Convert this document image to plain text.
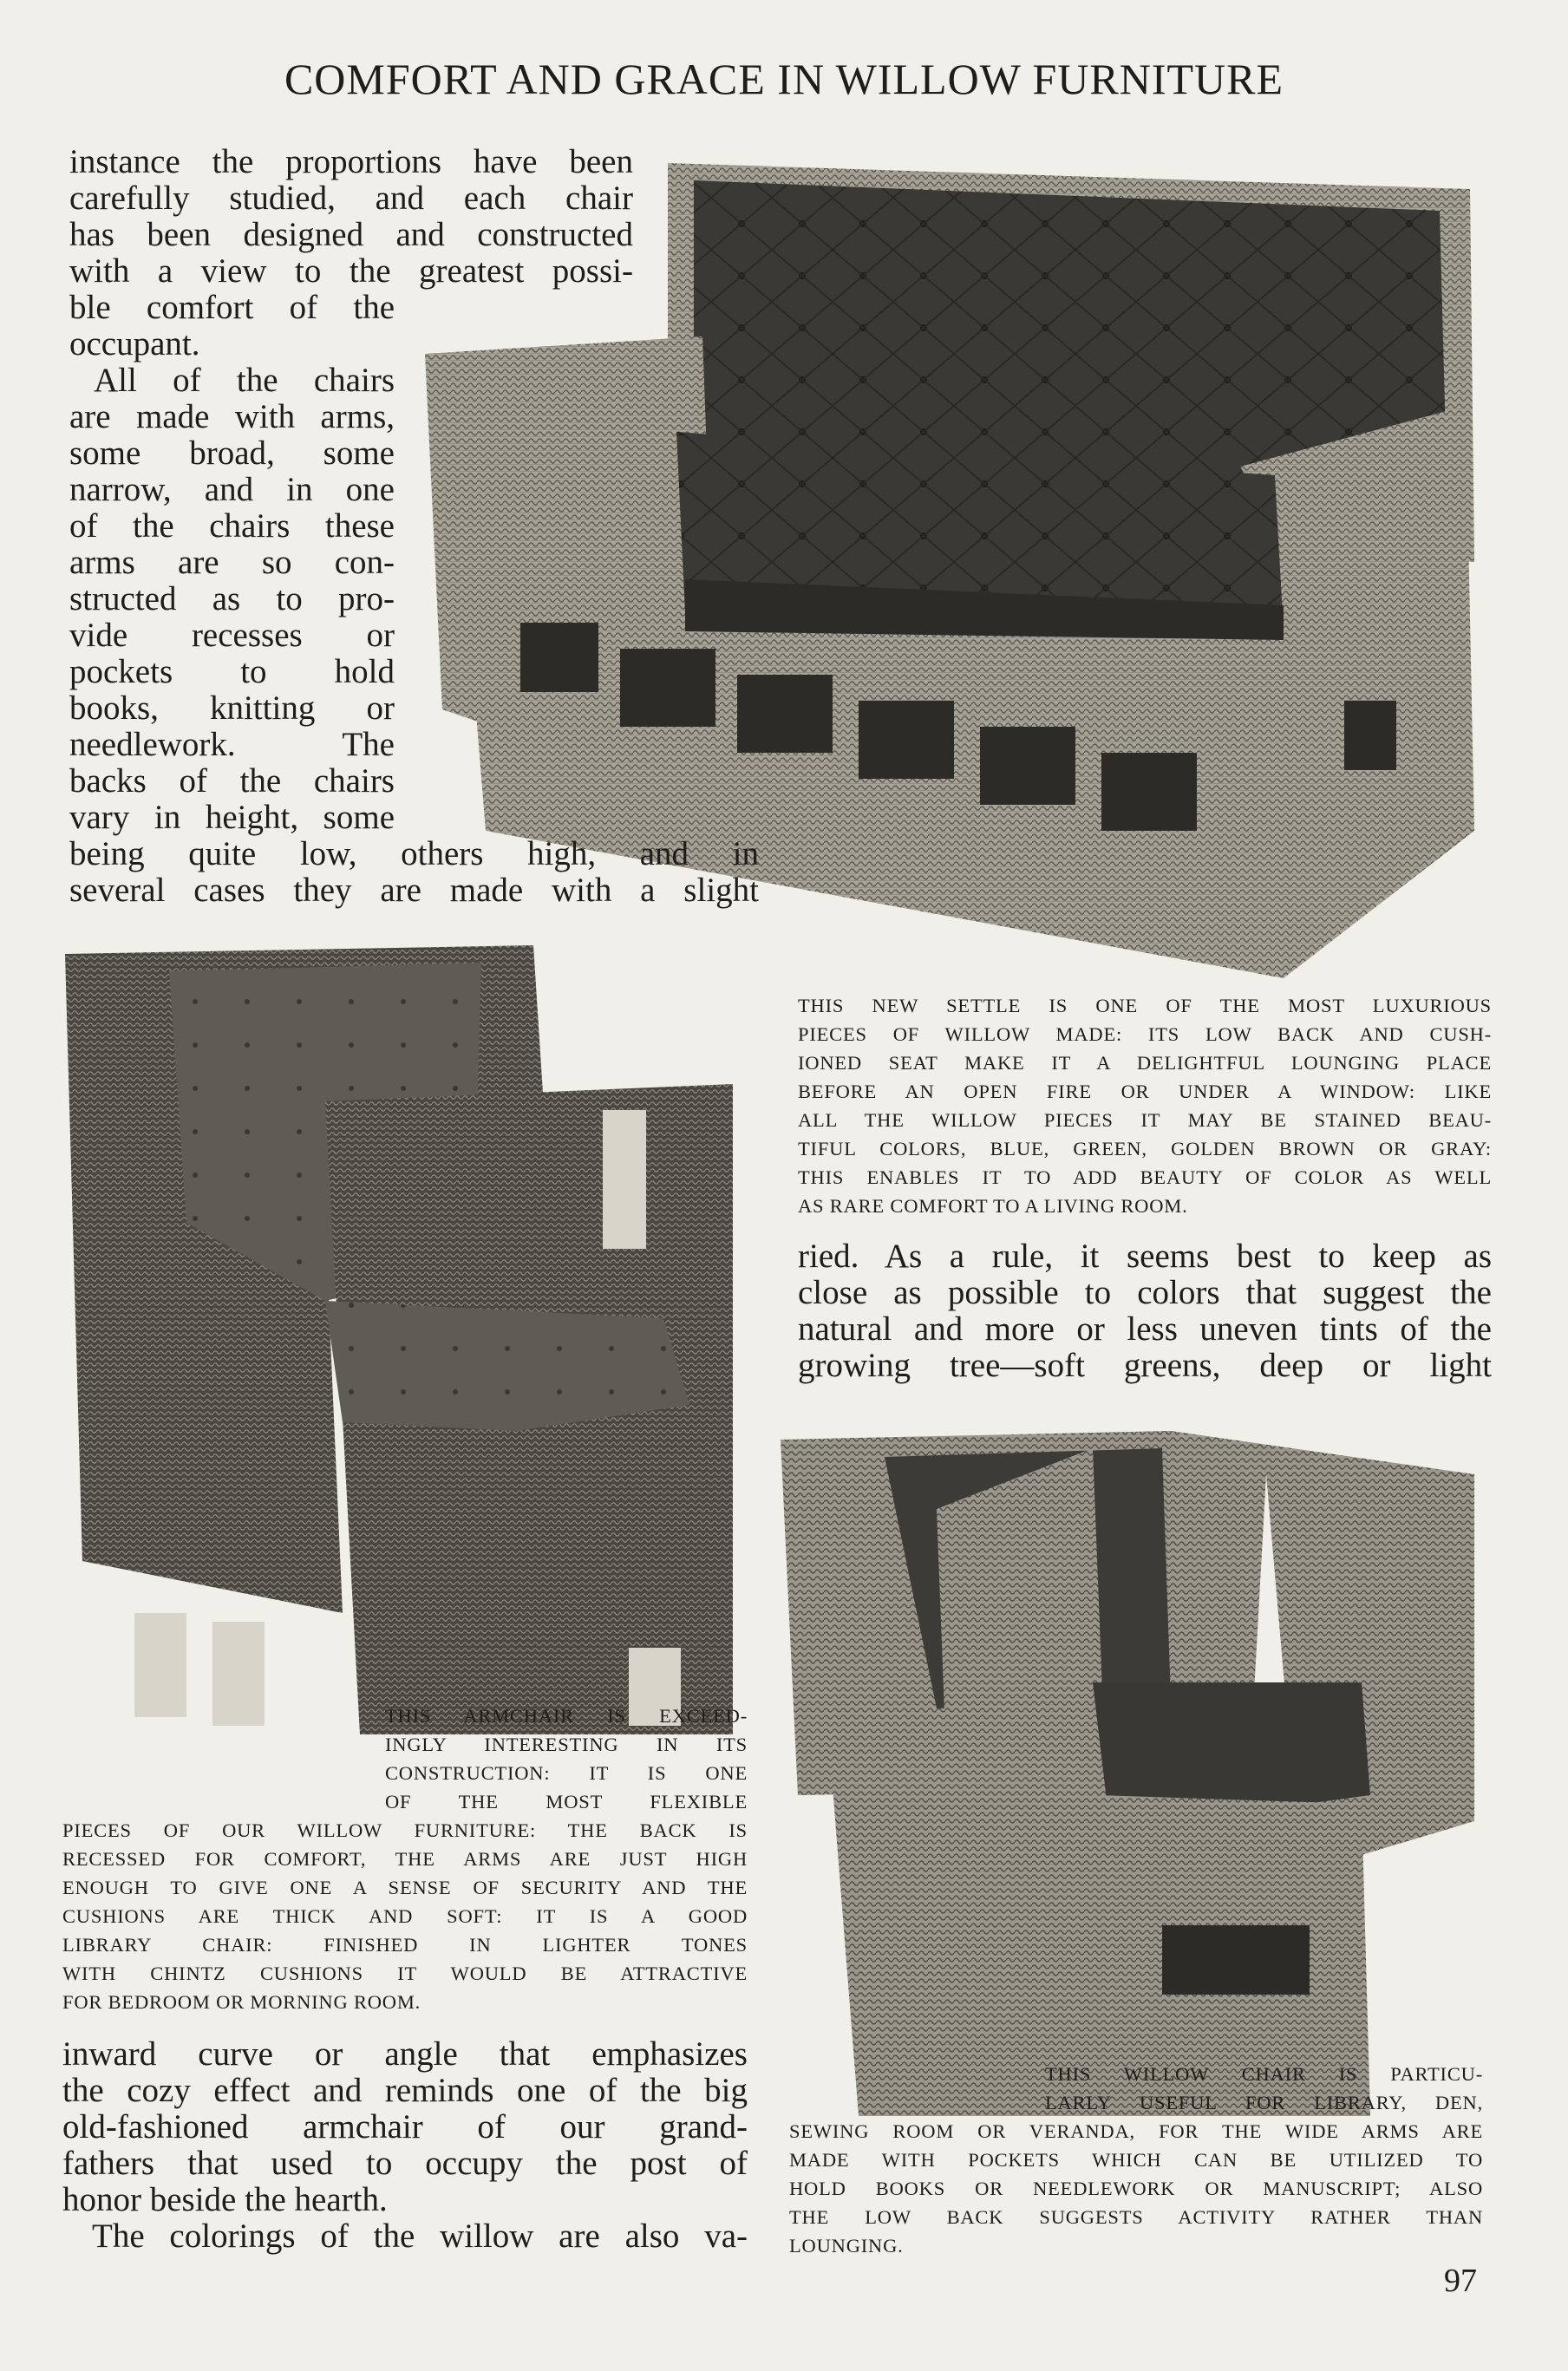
COMFORT AND GRACE IN WILLOW FURNITURE
instance the proportions have been
carefully studied, and each chair
has been designed and constructed
with a view to the greatest possi-
ble comfort of the
occupant.
All of the chairs
are made with arms,
some broad, some
narrow, and in one
of the chairs these
arms are so con-
structed as to pro-
vide recesses or
pockets to hold
books, knitting or
needlework. The
backs of the chairs
vary in height, some
being quite low, others high, and in
several cases they are made with a slight
THIS NEW SETTLE IS ONE OF THE MOST LUXURIOUS
PIECES OF WILLOW MADE: ITS LOW BACK AND CUSH-
IONED SEAT MAKE IT A DELIGHTFUL LOUNGING PLACE
BEFORE AN OPEN FIRE OR UNDER A WINDOW: LIKE
ALL THE WILLOW PIECES IT MAY BE STAINED BEAU-
TIFUL COLORS, BLUE, GREEN, GOLDEN BROWN OR GRAY:
THIS ENABLES IT TO ADD BEAUTY OF COLOR AS WELL
AS RARE COMFORT TO A LIVING ROOM.
ried. As a rule, it seems best to keep as
close as possible to colors that suggest the
natural and more or less uneven tints of the
growing tree—soft greens, deep or light
THIS ARMCHAIR IS EXCEED-
INGLY INTERESTING IN ITS
CONSTRUCTION: IT IS ONE
OF THE MOST FLEXIBLE
PIECES OF OUR WILLOW FURNITURE: THE BACK IS
RECESSED FOR COMFORT, THE ARMS ARE JUST HIGH
ENOUGH TO GIVE ONE A SENSE OF SECURITY AND THE
CUSHIONS ARE THICK AND SOFT: IT IS A GOOD
LIBRARY CHAIR: FINISHED IN LIGHTER TONES
WITH CHINTZ CUSHIONS IT WOULD BE ATTRACTIVE
FOR BEDROOM OR MORNING ROOM.
inward curve or angle that emphasizes
the cozy effect and reminds one of the big
old-fashioned armchair of our grand-
fathers that used to occupy the post of
honor beside the hearth.
The colorings of the willow are also va-
THIS WILLOW CHAIR IS PARTICU-
LARLY USEFUL FOR LIBRARY, DEN,
SEWING ROOM OR VERANDA, FOR THE WIDE ARMS ARE
MADE WITH POCKETS WHICH CAN BE UTILIZED TO
HOLD BOOKS OR NEEDLEWORK OR MANUSCRIPT; ALSO
THE LOW BACK SUGGESTS ACTIVITY RATHER THAN
LOUNGING.
97
